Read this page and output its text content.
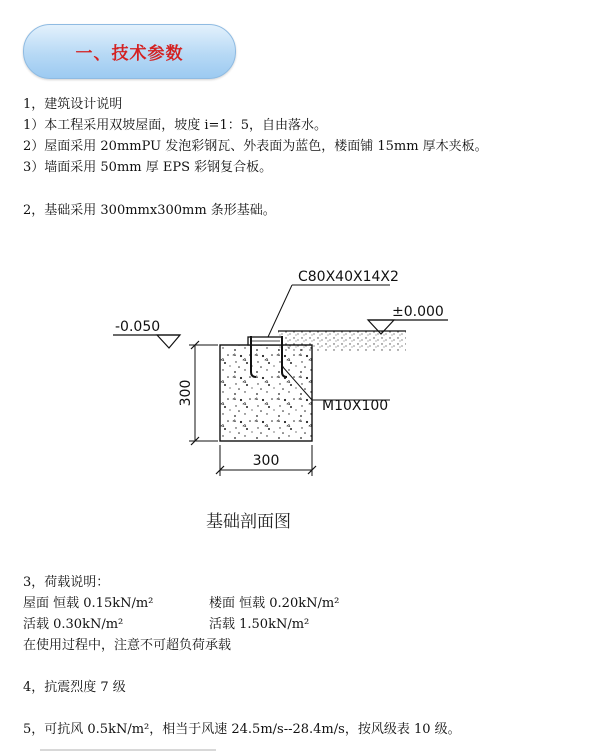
一、技术参数
1，建筑设计说明
1）本工程采用双坡屋面，坡度 i=1：5，自由落水。
2）屋面采用 20mmPU 发泡彩钢瓦、外表面为蓝色，楼面铺 15mm 厚木夹板。
3）墙面采用 50mm 厚 EPS 彩钢复合板。
2，基础采用 300mmx300mm 条形基础。
±0.000
-0.050
C80X40X14X2
M10X100
300
300
基础剖面图
3，荷载说明：
屋面 恒载 0.15kN/m²	楼面 恒载 0.20kN/m²
活载 0.30kN/m²	活载 1.50kN/m²
在使用过程中，注意不可超负荷承载
4，抗震烈度 7 级
5，可抗风 0.5kN/m²，相当于风速 24.5m/s--28.4m/s，按风级表 10 级。
